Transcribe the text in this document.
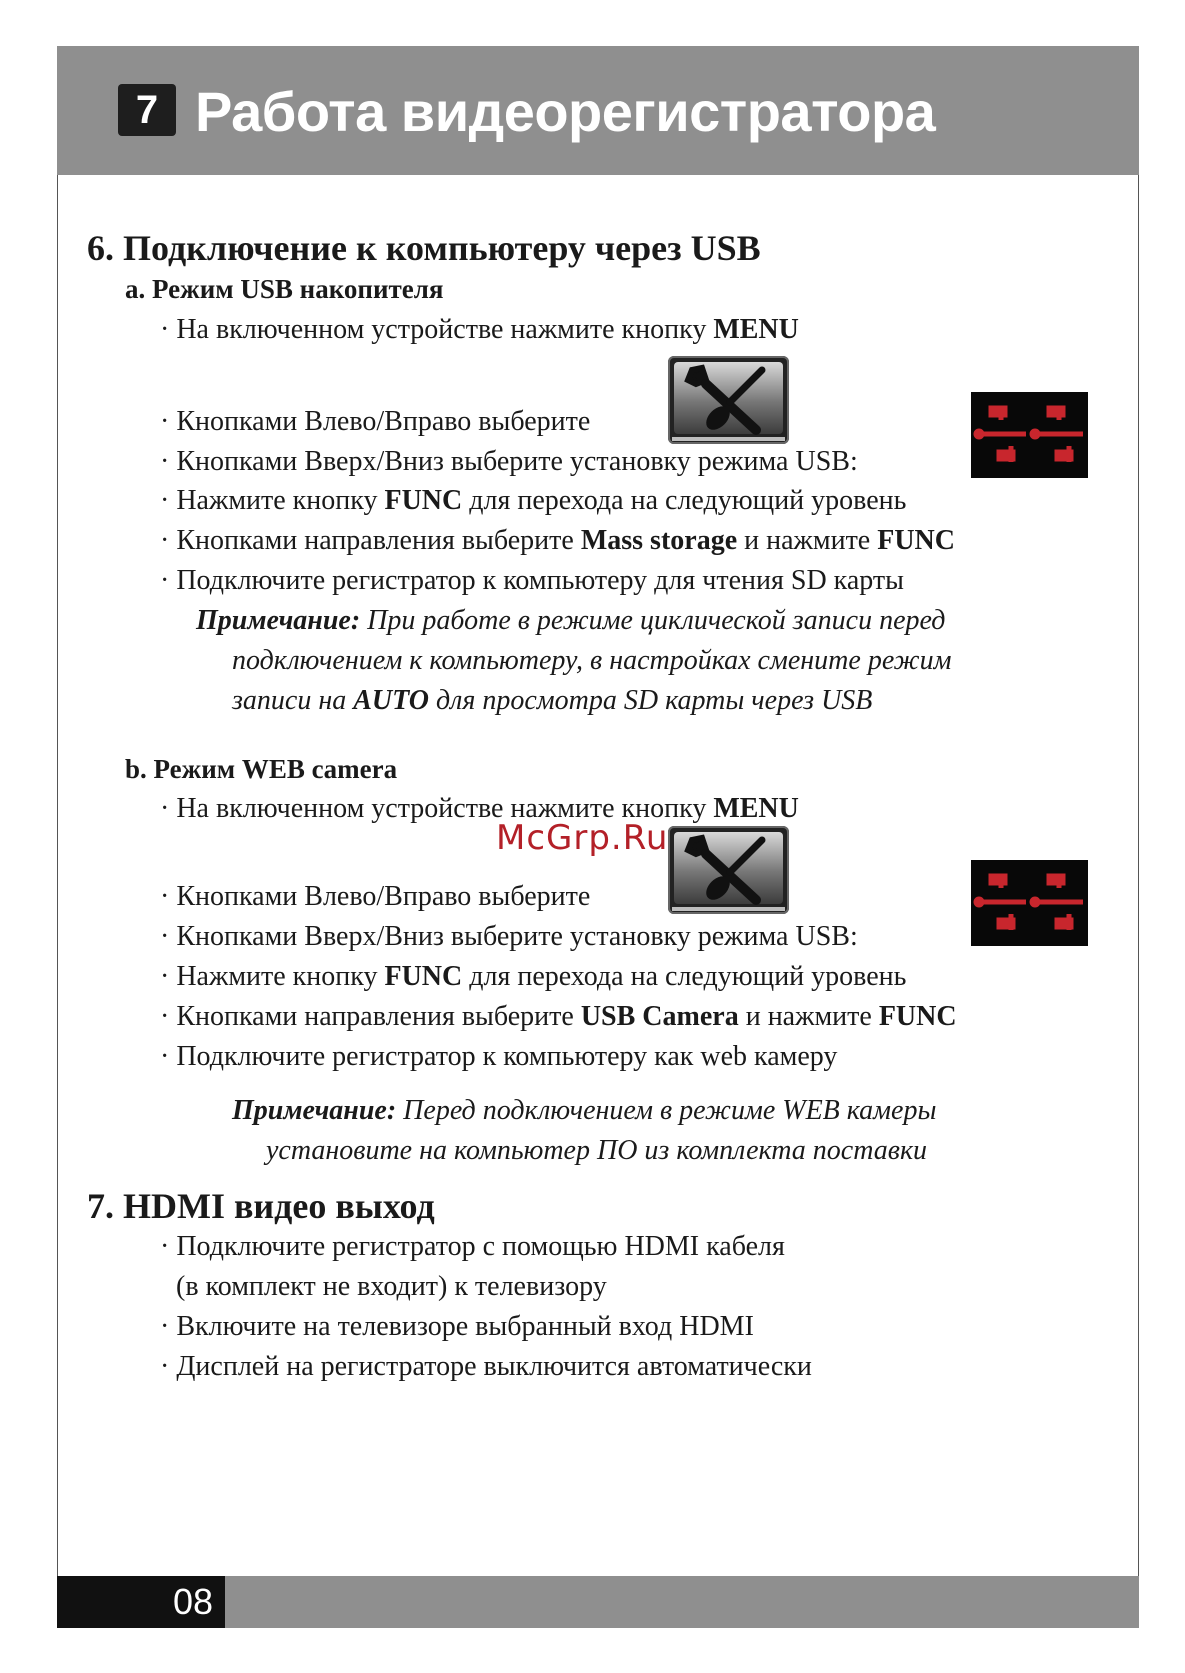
7 Работа видеорегистратора
6. Подключение к компьютеру через USB
a. Режим USB накопителя
· На включенном устройстве нажмите кнопку MENU
· Кнопками Влево/Вправо выберите
· Кнопками Вверх/Вниз выберите установку режима USB:
· Нажмите кнопку FUNC для перехода на следующий уровень
· Кнопками направления выберите Mass storage и нажмите FUNC
· Подключите регистратор к компьютеру для чтения SD карты
Примечание: При работе в режиме циклической записи перед
подключением к компьютеру, в настройках смените режим
записи на AUTO для просмотра SD карты через USB
b. Режим WEB camera
· На включенном устройстве нажмите кнопку MENU
McGrp.Ru
· Кнопками Влево/Вправо выберите
· Кнопками Вверх/Вниз выберите установку режима USB:
· Нажмите кнопку FUNC для перехода на следующий уровень
· Кнопками направления выберите USB Camera и нажмите FUNC
· Подключите регистратор к компьютеру как web камеру
Примечание: Перед подключением в режиме WEB камеры
установите на компьютер ПО из комплекта поставки
7. HDMI видео выход
· Подключите регистратор с помощью HDMI кабеля
(в комплект не входит) к телевизору
· Включите на телевизоре выбранный вход HDMI
· Дисплей на регистраторе выключится автоматически
08
